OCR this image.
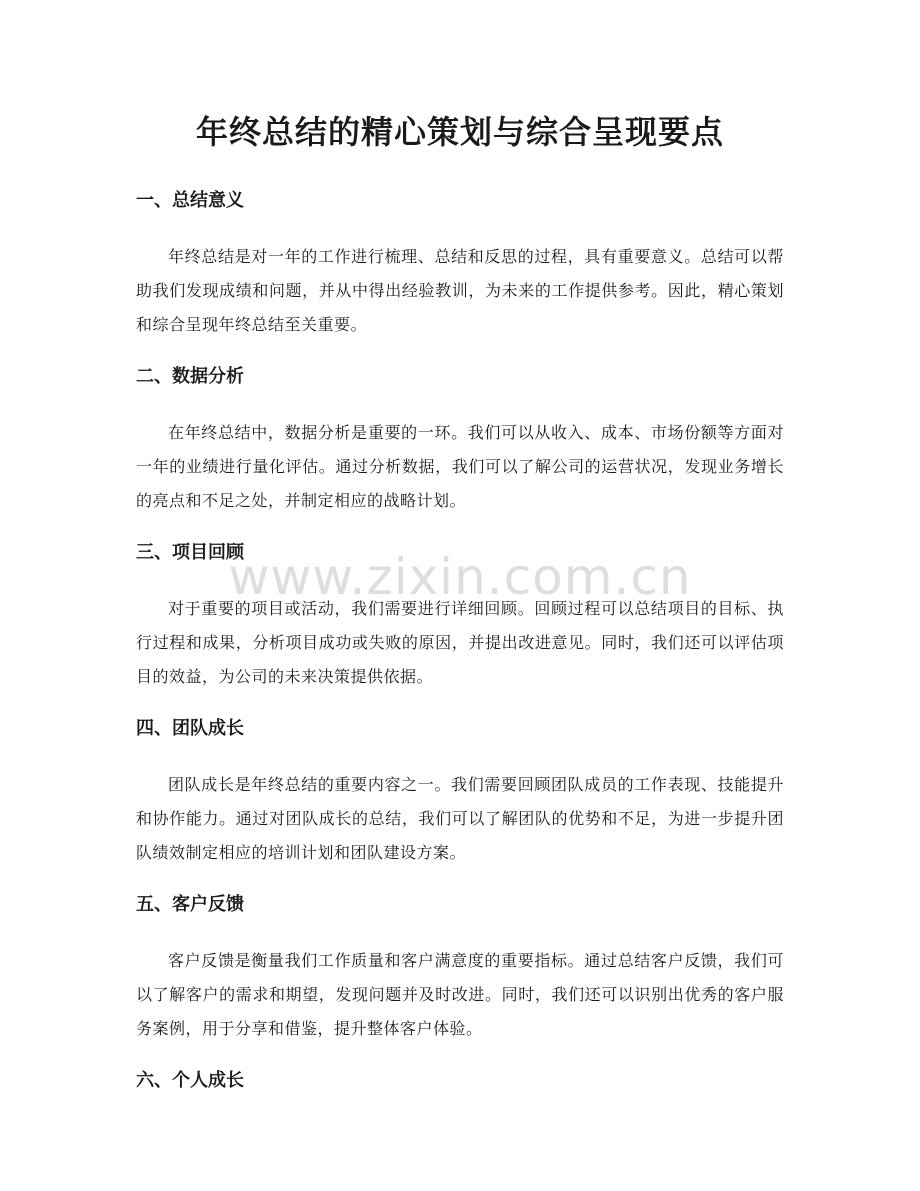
年终总结的精心策划与综合呈现要点
www.zixin.com.cn
一、总结意义

年终总结是对一年的工作进行梳理、总结和反思的过程，具有重要意义。总结可以帮助我们发现成绩和问题，并从中得出经验教训，为未来的工作提供参考。因此，精心策划和综合呈现年终总结至关重要。

二、数据分析

在年终总结中，数据分析是重要的一环。我们可以从收入、成本、市场份额等方面对一年的业绩进行量化评估。通过分析数据，我们可以了解公司的运营状况，发现业务增长的亮点和不足之处，并制定相应的战略计划。

三、项目回顾

对于重要的项目或活动，我们需要进行详细回顾。回顾过程可以总结项目的目标、执行过程和成果，分析项目成功或失败的原因，并提出改进意见。同时，我们还可以评估项目的效益，为公司的未来决策提供依据。

四、团队成长

团队成长是年终总结的重要内容之一。我们需要回顾团队成员的工作表现、技能提升和协作能力。通过对团队成长的总结，我们可以了解团队的优势和不足，为进一步提升团队绩效制定相应的培训计划和团队建设方案。

五、客户反馈

客户反馈是衡量我们工作质量和客户满意度的重要指标。通过总结客户反馈，我们可以了解客户的需求和期望，发现问题并及时改进。同时，我们还可以识别出优秀的客户服务案例，用于分享和借鉴，提升整体客户体验。

六、个人成长
